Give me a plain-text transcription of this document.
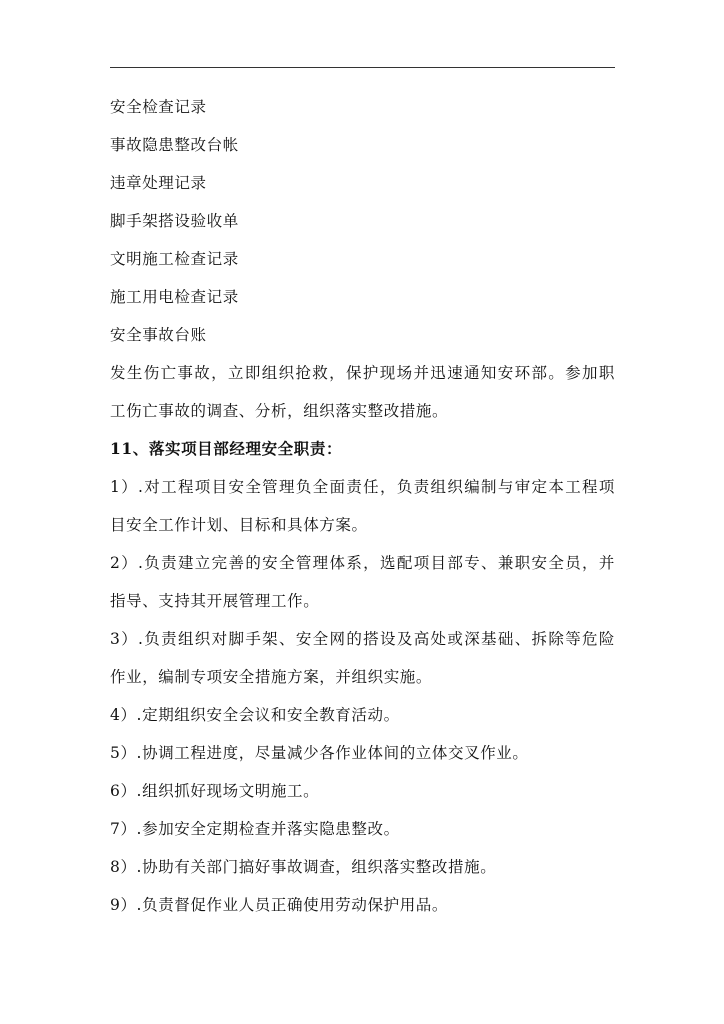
安全检查记录
事故隐患整改台帐
违章处理记录
脚手架搭设验收单
文明施工检查记录
施工用电检查记录
安全事故台账
发生伤亡事故，立即组织抢救，保护现场并迅速通知安环部。参加职
工伤亡事故的调查、分析，组织落实整改措施。
11、落实项目部经理安全职责：
1）.对工程项目安全管理负全面责任，负责组织编制与审定本工程项
目安全工作计划、目标和具体方案。
2）.负责建立完善的安全管理体系，选配项目部专、兼职安全员，并
指导、支持其开展管理工作。
3）.负责组织对脚手架、安全网的搭设及高处或深基础、拆除等危险
作业，编制专项安全措施方案，并组织实施。
4）.定期组织安全会议和安全教育活动。
5）.协调工程进度，尽量减少各作业体间的立体交叉作业。
6）.组织抓好现场文明施工。
7）.参加安全定期检查并落实隐患整改。
8）.协助有关部门搞好事故调查，组织落实整改措施。
9）.负责督促作业人员正确使用劳动保护用品。
